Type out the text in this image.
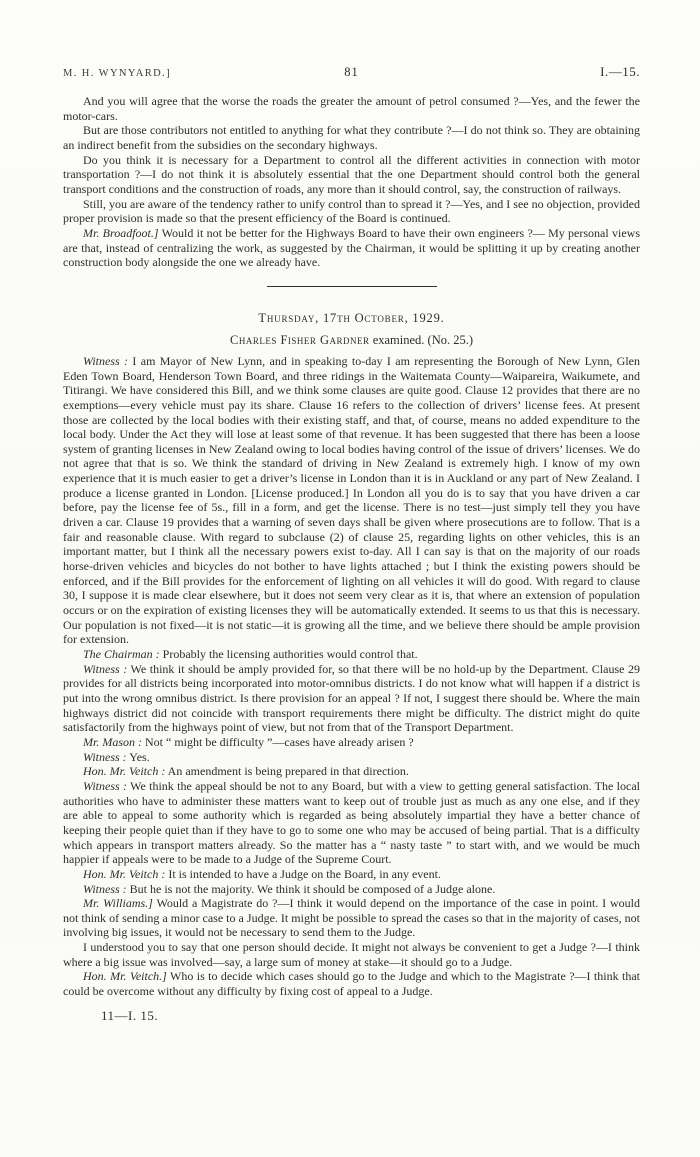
M. H. WYNYARD.]	81	I.—15.

And you will agree that the worse the roads the greater the amount of petrol consumed ?—Yes, and the fewer the motor-cars.

But are those contributors not entitled to anything for what they contribute ?—I do not think so. They are obtaining an indirect benefit from the subsidies on the secondary highways.

Do you think it is necessary for a Department to control all the different activities in connection with motor transportation ?—I do not think it is absolutely essential that the one Department should control both the general transport conditions and the construction of roads, any more than it should control, say, the construction of railways.

Still, you are aware of the tendency rather to unify control than to spread it ?—Yes, and I see no objection, provided proper provision is made so that the present efficiency of the Board is continued.

Mr. Broadfoot.] Would it not be better for the Highways Board to have their own engineers ?— My personal views are that, instead of centralizing the work, as suggested by the Chairman, it would be splitting it up by creating another construction body alongside the one we already have.

Thursday, 17th October, 1929.
Charles Fisher Gardner examined. (No. 25.)

Witness : I am Mayor of New Lynn, and in speaking to-day I am representing the Borough of New Lynn, Glen Eden Town Board, Henderson Town Board, and three ridings in the Waitemata County—Waipareira, Waikumete, and Titirangi. We have considered this Bill, and we think some clauses are quite good. Clause 12 provides that there are no exemptions—every vehicle must pay its share. Clause 16 refers to the collection of drivers’ license fees. At present those are collected by the local bodies with their existing staff, and that, of course, means no added expenditure to the local body. Under the Act they will lose at least some of that revenue. It has been suggested that there has been a loose system of granting licenses in New Zealand owing to local bodies having control of the issue of drivers’ licenses. We do not agree that that is so. We think the standard of driving in New Zealand is extremely high. I know of my own experience that it is much easier to get a driver’s license in London than it is in Auckland or any part of New Zealand. I produce a license granted in London. [License produced.] In London all you do is to say that you have driven a car before, pay the license fee of 5s., fill in a form, and get the license. There is no test—just simply tell they you have driven a car. Clause 19 provides that a warning of seven days shall be given where prosecutions are to follow. That is a fair and reasonable clause. With regard to subclause (2) of clause 25, regarding lights on other vehicles, this is an important matter, but I think all the necessary powers exist to-day. All I can say is that on the majority of our roads horse-driven vehicles and bicycles do not bother to have lights attached ; but I think the existing powers should be enforced, and if the Bill provides for the enforcement of lighting on all vehicles it will do good. With regard to clause 30, I suppose it is made clear elsewhere, but it does not seem very clear as it is, that where an extension of population occurs or on the expiration of existing licenses they will be automatically extended. It seems to us that this is necessary. Our population is not fixed—it is not static—it is growing all the time, and we believe there should be ample provision for extension.

The Chairman : Probably the licensing authorities would control that.

Witness : We think it should be amply provided for, so that there will be no hold-up by the Department. Clause 29 provides for all districts being incorporated into motor-omnibus districts. I do not know what will happen if a district is put into the wrong omnibus district. Is there provision for an appeal ? If not, I suggest there should be. Where the main highways district did not coincide with transport requirements there might be difficulty. The district might do quite satisfactorily from the highways point of view, but not from that of the Transport Department.

Mr. Mason : Not “ might be difficulty ”—cases have already arisen ?

Witness : Yes.

Hon. Mr. Veitch : An amendment is being prepared in that direction.

Witness : We think the appeal should be not to any Board, but with a view to getting general satisfaction. The local authorities who have to administer these matters want to keep out of trouble just as much as any one else, and if they are able to appeal to some authority which is regarded as being absolutely impartial they have a better chance of keeping their people quiet than if they have to go to some one who may be accused of being partial. That is a difficulty which appears in transport matters already. So the matter has a “ nasty taste ” to start with, and we would be much happier if appeals were to be made to a Judge of the Supreme Court.

Hon. Mr. Veitch : It is intended to have a Judge on the Board, in any event.

Witness : But he is not the majority. We think it should be composed of a Judge alone.

Mr. Williams.] Would a Magistrate do ?—I think it would depend on the importance of the case in point. I would not think of sending a minor case to a Judge. It might be possible to spread the cases so that in the majority of cases, not involving big issues, it would not be necessary to send them to the Judge.

I understood you to say that one person should decide. It might not always be convenient to get a Judge ?—I think where a big issue was involved—say, a large sum of money at stake—it should go to a Judge.

Hon. Mr. Veitch.] Who is to decide which cases should go to the Judge and which to the Magistrate ?—I think that could be overcome without any difficulty by fixing cost of appeal to a Judge.

11—I. 15.
